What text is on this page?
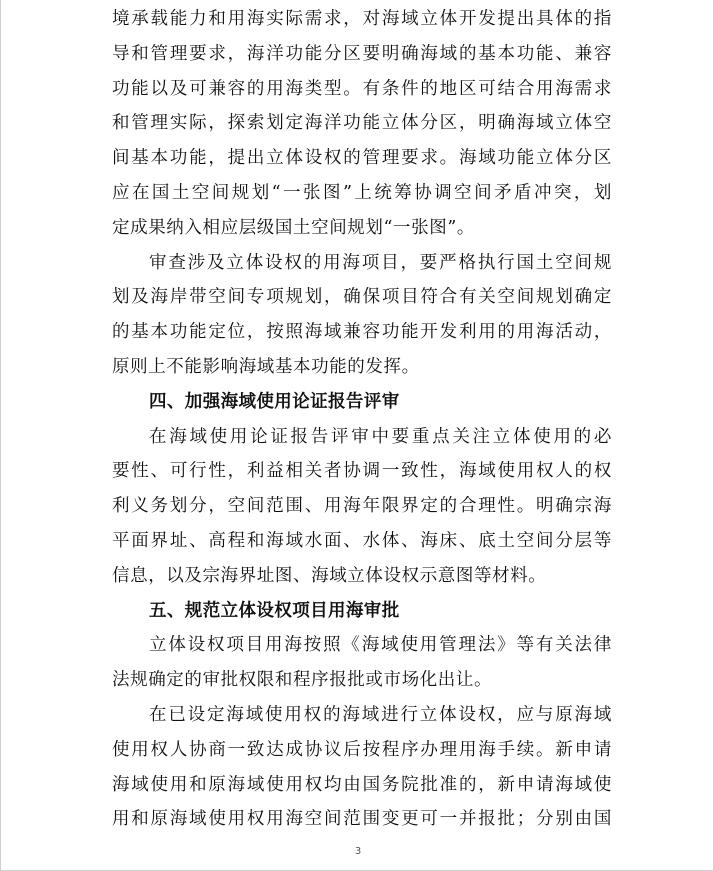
境承载能力和用海实际需求，对海域立体开发提出具体的指
导和管理要求，海洋功能分区要明确海域的基本功能、兼容
功能以及可兼容的用海类型。有条件的地区可结合用海需求
和管理实际，探索划定海洋功能立体分区，明确海域立体空
间基本功能，提出立体设权的管理要求。海域功能立体分区
应在国土空间规划“一张图”上统筹协调空间矛盾冲突，划
定成果纳入相应层级国土空间规划“一张图”。
审查涉及立体设权的用海项目，要严格执行国土空间规
划及海岸带空间专项规划，确保项目符合有关空间规划确定
的基本功能定位，按照海域兼容功能开发利用的用海活动，
原则上不能影响海域基本功能的发挥。
四、加强海域使用论证报告评审
在海域使用论证报告评审中要重点关注立体使用的必
要性、可行性，利益相关者协调一致性，海域使用权人的权
利义务划分，空间范围、用海年限界定的合理性。明确宗海
平面界址、高程和海域水面、水体、海床、底土空间分层等
信息，以及宗海界址图、海域立体设权示意图等材料。
五、规范立体设权项目用海审批
立体设权项目用海按照《海域使用管理法》等有关法律
法规确定的审批权限和程序报批或市场化出让。
在已设定海域使用权的海域进行立体设权，应与原海域
使用权人协商一致达成协议后按程序办理用海手续。新申请
海域使用和原海域使用权均由国务院批准的，新申请海域使
用和原海域使用权用海空间范围变更可一并报批；分别由国
3
